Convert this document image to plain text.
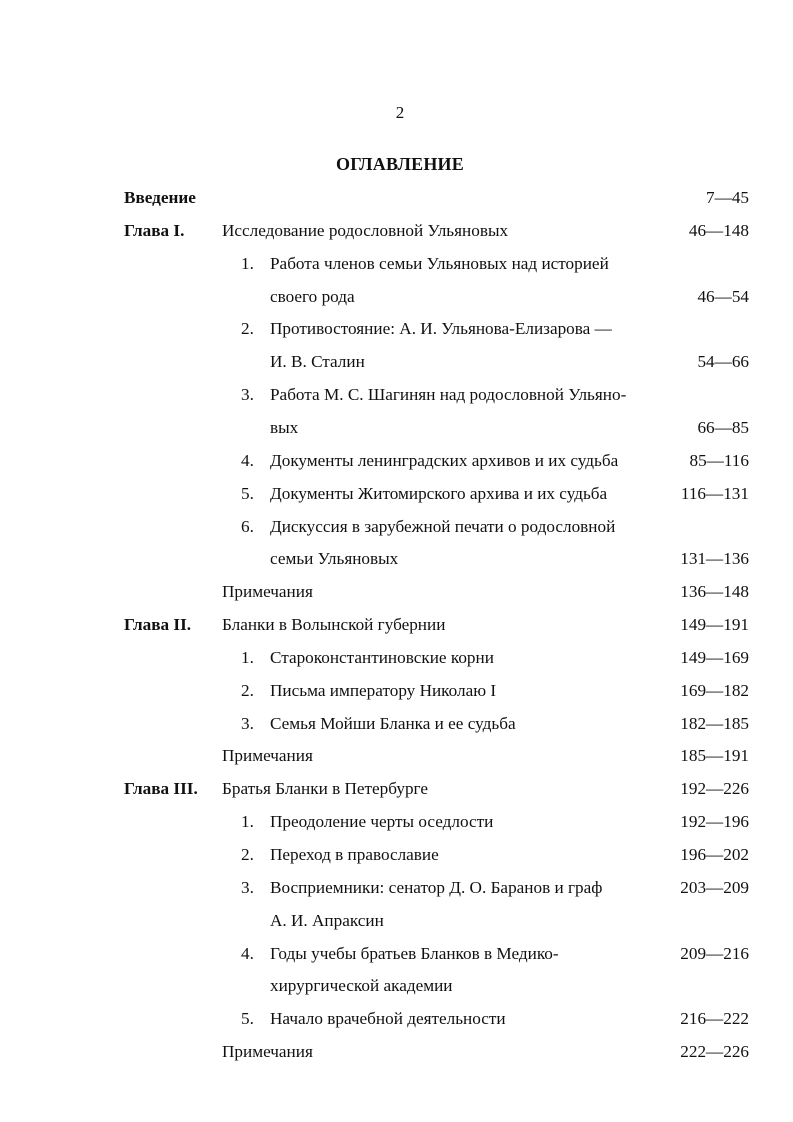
2
ОГЛАВЛЕНИЕ
Введение	7—45
Глава I. Исследование родословной Ульяновых	46—148
1. Работа членов семьи Ульяновых над историей
своего рода	46—54
2. Противостояние: А. И. Ульянова-Елизарова —
И. В. Сталин	54—66
3. Работа М. С. Шагинян над родословной Ульяно-
вых	66—85
4. Документы ленинградских архивов и их судьба	85—116
5. Документы Житомирского архива и их судьба	116—131
6. Дискуссия в зарубежной печати о родословной
семьи Ульяновых	131—136
Примечания	136—148
Глава II. Бланки в Волынской губернии	149—191
1. Староконстантиновские корни	149—169
2. Письма императору Николаю I	169—182
3. Семья Мойши Бланка и ее судьба	182—185
Примечания	185—191
Глава III. Братья Бланки в Петербурге	192—226
1. Преодоление черты оседлости	192—196
2. Переход в православие	196—202
3. Восприемники: сенатор Д. О. Баранов и граф	203—209
А. И. Апраксин
4. Годы учебы братьев Бланков в Медико-	209—216
хирургической академии
5. Начало врачебной деятельности	216—222
Примечания	222—226
